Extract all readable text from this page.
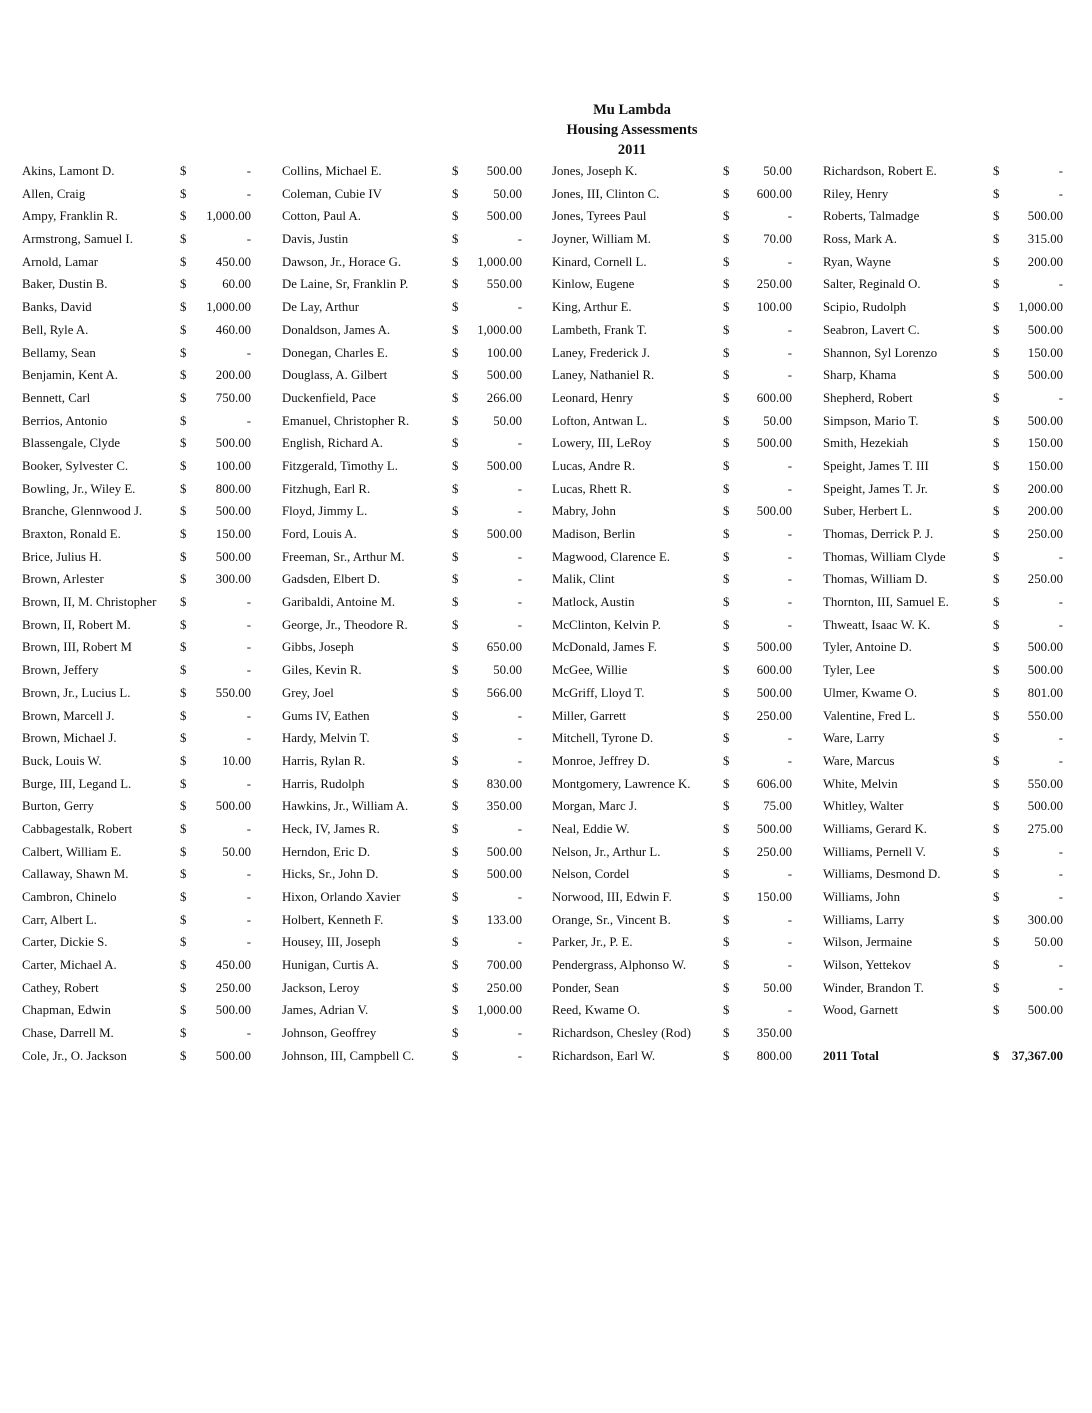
Mu Lambda
Housing Assessments
2011
Akins, Lamont D.	$	-
Allen, Craig	$	-
Ampy, Franklin R.	$	1,000.00
Armstrong, Samuel I.	$	-
Arnold, Lamar	$	450.00
Baker, Dustin B.	$	60.00
Banks, David	$	1,000.00
Bell, Ryle A.	$	460.00
Bellamy, Sean	$	-
Benjamin, Kent A.	$	200.00
Bennett, Carl	$	750.00
Berrios, Antonio	$	-
Blassengale, Clyde	$	500.00
Booker, Sylvester C.	$	100.00
Bowling, Jr., Wiley E.	$	800.00
Branche, Glennwood J.	$	500.00
Braxton, Ronald E.	$	150.00
Brice, Julius H.	$	500.00
Brown, Arlester	$	300.00
Brown, II, M. Christopher $	-
Brown, II, Robert M.	$	-
Brown, III, Robert M	$	-
Brown, Jeffery	$	-
Brown, Jr., Lucius L.	$	550.00
Brown, Marcell J.	$	-
Brown, Michael J.	$	-
Buck, Louis W.	$	10.00
Burge, III, Legand L.	$	-
Burton, Gerry	$	500.00
Cabbagestalk, Robert	$	-
Calbert, William E.	$	50.00
Callaway, Shawn M.	$	-
Cambron, Chinelo	$	-
Carr, Albert L.	$	-
Carter, Dickie S.	$	-
Carter, Michael A.	$	450.00
Cathey, Robert	$	250.00
Chapman, Edwin	$	500.00
Chase, Darrell M.	$	-
Cole, Jr., O. Jackson	$	500.00
Collins, Michael E.	$	500.00
Coleman, Cubie IV	$	50.00
Cotton, Paul A.	$	500.00
Davis, Justin	$	-
Dawson, Jr., Horace G.	$	1,000.00
De Laine, Sr, Franklin P.	$	550.00
De Lay, Arthur	$	-
Donaldson, James A.	$	1,000.00
Donegan, Charles E.	$	100.00
Douglass, A. Gilbert	$	500.00
Duckenfield, Pace	$	266.00
Emanuel, Christopher R.	$	50.00
English, Richard A.	$	-
Fitzgerald, Timothy L.	$	500.00
Fitzhugh, Earl R.	$	-
Floyd, Jimmy L.	$	-
Ford, Louis A.	$	500.00
Freeman, Sr., Arthur M.	$	-
Gadsden, Elbert D.	$	-
Garibaldi, Antoine M.	$	-
George, Jr., Theodore R.	$	-
Gibbs, Joseph	$	650.00
Giles, Kevin R.	$	50.00
Grey, Joel	$	566.00
Gums IV, Eathen	$	-
Hardy, Melvin T.	$	-
Harris, Rylan R.	$	-
Harris, Rudolph	$	830.00
Hawkins, Jr., William A.	$	350.00
Heck, IV, James R.	$	-
Herndon, Eric D.	$	500.00
Hicks, Sr., John D.	$	500.00
Hixon, Orlando Xavier	$	-
Holbert, Kenneth F.	$	133.00
Housey, III, Joseph	$	-
Hunigan, Curtis A.	$	700.00
Jackson, Leroy	$	250.00
James, Adrian V.	$	1,000.00
Johnson, Geoffrey	$	-
Johnson, III, Campbell C.	$	-
Jones, Joseph K.	$	50.00
Jones, III, Clinton C.	$	600.00
Jones, Tyrees Paul	$	-
Joyner, William M.	$	70.00
Kinard, Cornell L.	$	-
Kinlow, Eugene	$	250.00
King, Arthur E.	$	100.00
Lambeth, Frank T.	$	-
Laney, Frederick J.	$	-
Laney, Nathaniel R.	$	-
Leonard, Henry	$	600.00
Lofton, Antwan L.	$	50.00
Lowery, III, LeRoy	$	500.00
Lucas, Andre R.	$	-
Lucas, Rhett R.	$	-
Mabry, John	$	500.00
Madison, Berlin	$	-
Magwood, Clarence E.	$	-
Malik, Clint	$	-
Matlock, Austin	$	-
McClinton, Kelvin P.	$	-
McDonald, James F.	$	500.00
McGee, Willie	$	600.00
McGriff, Lloyd T.	$	500.00
Miller, Garrett	$	250.00
Mitchell, Tyrone D.	$	-
Monroe, Jeffrey D.	$	-
Montgomery, Lawrence K.	$	606.00
Morgan, Marc J.	$	75.00
Neal, Eddie W.	$	500.00
Nelson, Jr., Arthur L.	$	250.00
Nelson, Cordel	$	-
Norwood, III, Edwin F.	$	150.00
Orange, Sr., Vincent B.	$	-
Parker, Jr., P. E.	$	-
Pendergrass, Alphonso W.	$	-
Ponder, Sean	$	50.00
Reed, Kwame O.	$	-
Richardson, Chesley (Rod)	$	350.00
Richardson, Earl W.	$	800.00
Richardson, Robert E.	$	-
Riley, Henry	$	-
Roberts, Talmadge	$	500.00
Ross, Mark A.	$	315.00
Ryan, Wayne	$	200.00
Salter, Reginald O.	$	-
Scipio, Rudolph	$	1,000.00
Seabron, Lavert C.	$	500.00
Shannon, Syl Lorenzo	$	150.00
Sharp, Khama	$	500.00
Shepherd, Robert	$	-
Simpson, Mario T.	$	500.00
Smith, Hezekiah	$	150.00
Speight, James T. III	$	150.00
Speight, James T. Jr.	$	200.00
Suber, Herbert L.	$	200.00
Thomas, Derrick P. J.	$	250.00
Thomas, William Clyde	$	-
Thomas, William D.	$	250.00
Thornton, III, Samuel E.	$	-
Thweatt, Isaac W. K.	$	-
Tyler, Antoine D.	$	500.00
Tyler, Lee	$	500.00
Ulmer, Kwame O.	$	801.00
Valentine, Fred L.	$	550.00
Ware, Larry	$	-
Ware, Marcus	$	-
White, Melvin	$	550.00
Whitley, Walter	$	500.00
Williams, Gerard K.	$	275.00
Williams, Pernell V.	$	-
Williams, Desmond D.	$	-
Williams, John	$	-
Williams, Larry	$	300.00
Wilson, Jermaine	$	50.00
Wilson, Yettekov	$	-
Winder, Brandon T.	$	-
Wood, Garnett	$	500.00
2011 Total	$ 37,367.00
